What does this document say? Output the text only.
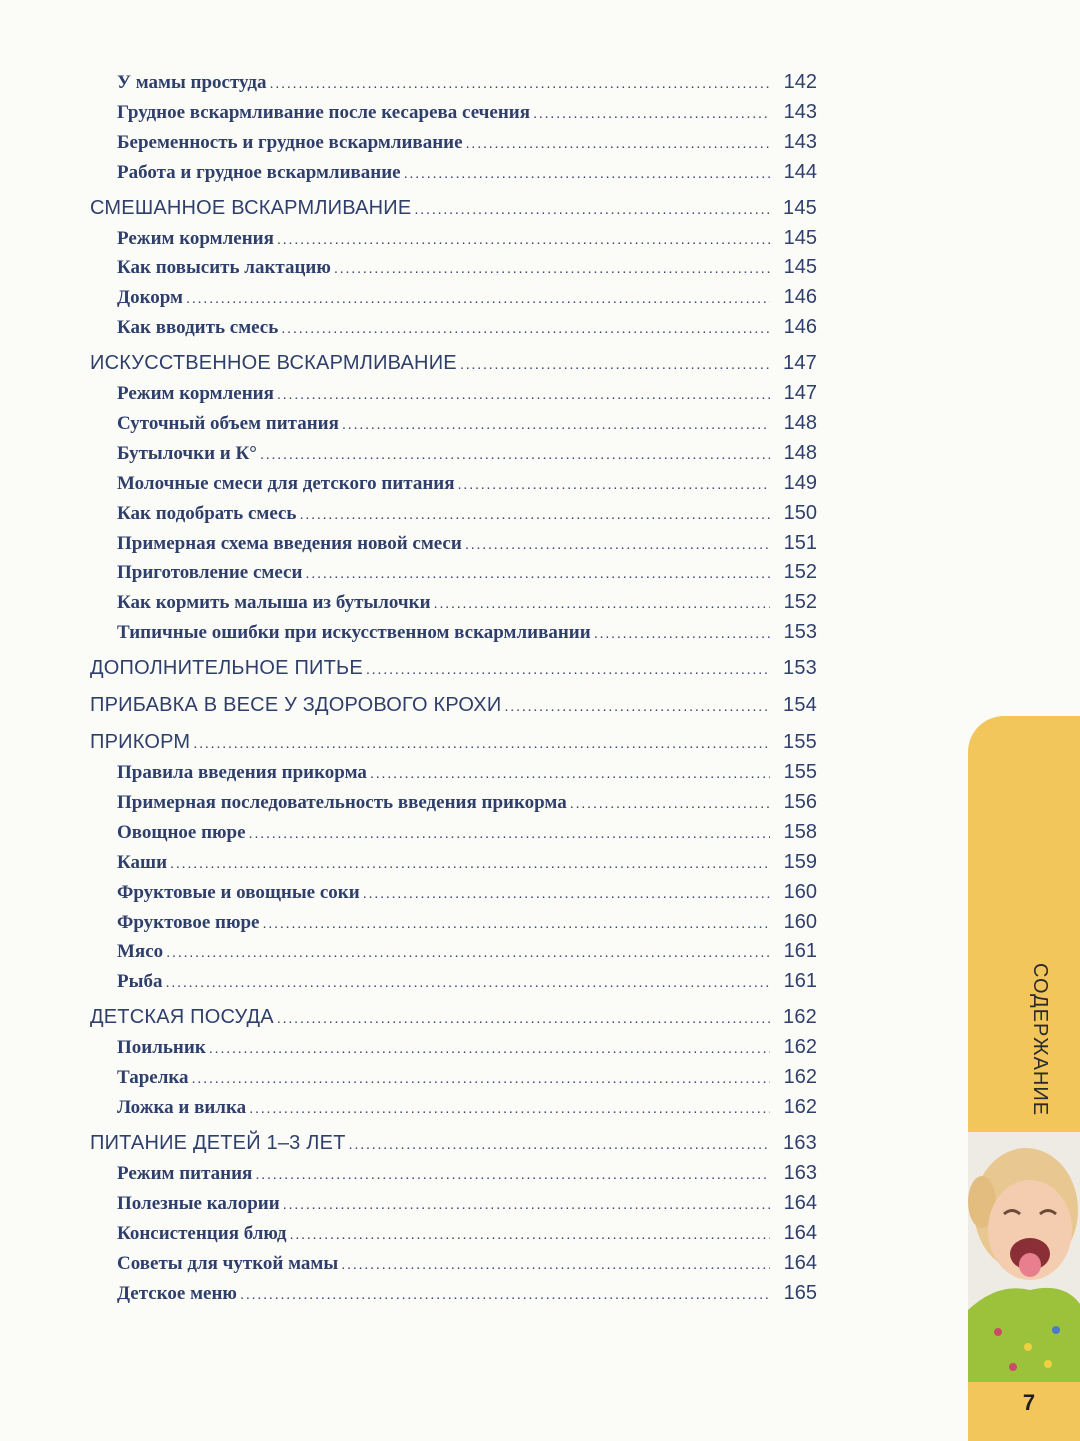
У мамы простуда .....	142
Грудное вскармливание после кесарева сечения .....	143
Беременность и грудное вскармливание .....	143
Работа и грудное вскармливание .....	144
СМЕШАННОЕ ВСКАРМЛИВАНИЕ .....	145
Режим кормления .....	145
Как повысить лактацию .....	145
Докорм .....	146
Как вводить смесь .....	146
ИСКУССТВЕННОЕ ВСКАРМЛИВАНИЕ .....	147
Режим кормления .....	147
Суточный объем питания .....	148
Бутылочки и К° .....	148
Молочные смеси для детского питания .....	149
Как подобрать смесь .....	150
Примерная схема введения новой смеси .....	151
Приготовление смеси .....	152
Как кормить малыша из бутылочки .....	152
Типичные ошибки при искусственном вскармливании .....	153
ДОПОЛНИТЕЛЬНОЕ ПИТЬЕ .....	153
ПРИБАВКА В ВЕСЕ У ЗДОРОВОГО КРОХИ .....	154
ПРИКОРМ .....	155
Правила введения прикорма .....	155
Примерная последовательность введения прикорма .....	156
Овощное пюре .....	158
Каши .....	159
Фруктовые и овощные соки .....	160
Фруктовое пюре .....	160
Мясо .....	161
Рыба .....	161
ДЕТСКАЯ ПОСУДА .....	162
Поильник .....	162
Тарелка .....	162
Ложка и вилка .....	162
ПИТАНИЕ ДЕТЕЙ 1–3 ЛЕТ .....	163
Режим питания .....	163
Полезные калории .....	164
Консистенция блюд .....	164
Советы для чуткой мамы .....	164
Детское меню .....	165
СОДЕРЖАНИЕ
7
